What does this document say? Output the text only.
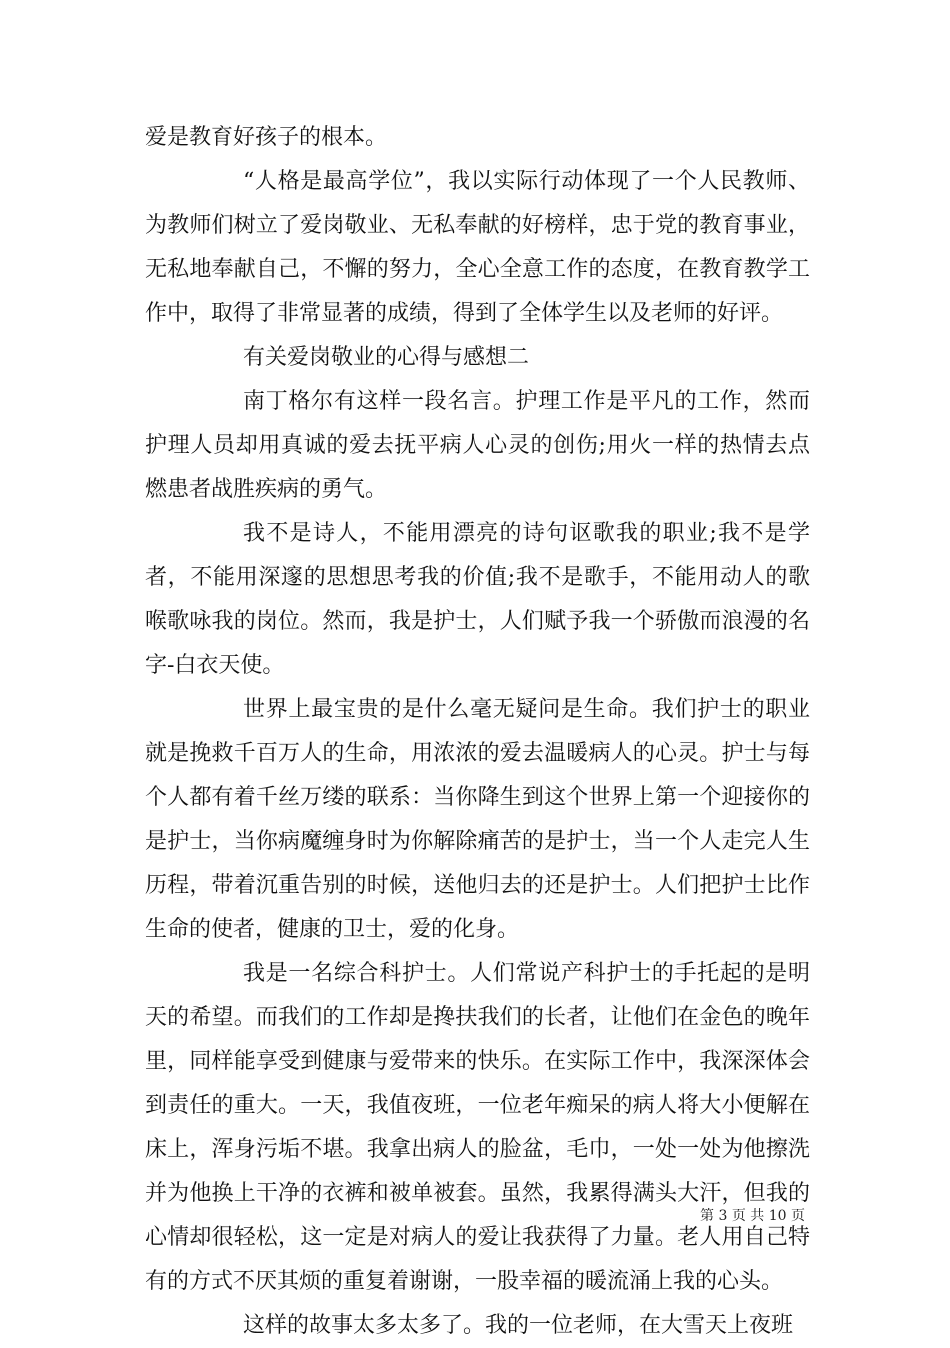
爱是教育好孩子的根本。

“人格是最高学位”，我以实际行动体现了一个人民教师、为教师们树立了爱岗敬业、无私奉献的好榜样，忠于党的教育事业，无私地奉献自己，不懈的努力，全心全意工作的态度，在教育教学工作中，取得了非常显著的成绩，得到了全体学生以及老师的好评。

有关爱岗敬业的心得与感想二

南丁格尔有这样一段名言。护理工作是平凡的工作，然而护理人员却用真诚的爱去抚平病人心灵的创伤;用火一样的热情去点燃患者战胜疾病的勇气。

我不是诗人，不能用漂亮的诗句讴歌我的职业;我不是学者，不能用深邃的思想思考我的价值;我不是歌手，不能用动人的歌喉歌咏我的岗位。然而，我是护士，人们赋予我一个骄傲而浪漫的名字-白衣天使。

世界上最宝贵的是什么毫无疑问是生命。我们护士的职业就是挽救千百万人的生命，用浓浓的爱去温暖病人的心灵。护士与每个人都有着千丝万缕的联系：当你降生到这个世界上第一个迎接你的是护士，当你病魔缠身时为你解除痛苦的是护士，当一个人走完人生历程，带着沉重告别的时候，送他归去的还是护士。人们把护士比作生命的使者，健康的卫士，爱的化身。

我是一名综合科护士。人们常说产科护士的手托起的是明天的希望。而我们的工作却是搀扶我们的长者，让他们在金色的晚年里，同样能享受到健康与爱带来的快乐。在实际工作中，我深深体会到责任的重大。一天，我值夜班，一位老年痴呆的病人将大小便解在床上，浑身污垢不堪。我拿出病人的脸盆，毛巾，一处一处为他擦洗并为他换上干净的衣裤和被单被套。虽然，我累得满头大汗，但我的心情却很轻松，这一定是对病人的爱让我获得了力量。老人用自己特有的方式不厌其烦的重复着谢谢，一股幸福的暖流涌上我的心头。

这样的故事太多太多了。我的一位老师，在大雪天上夜班

第 3 页 共 10 页
